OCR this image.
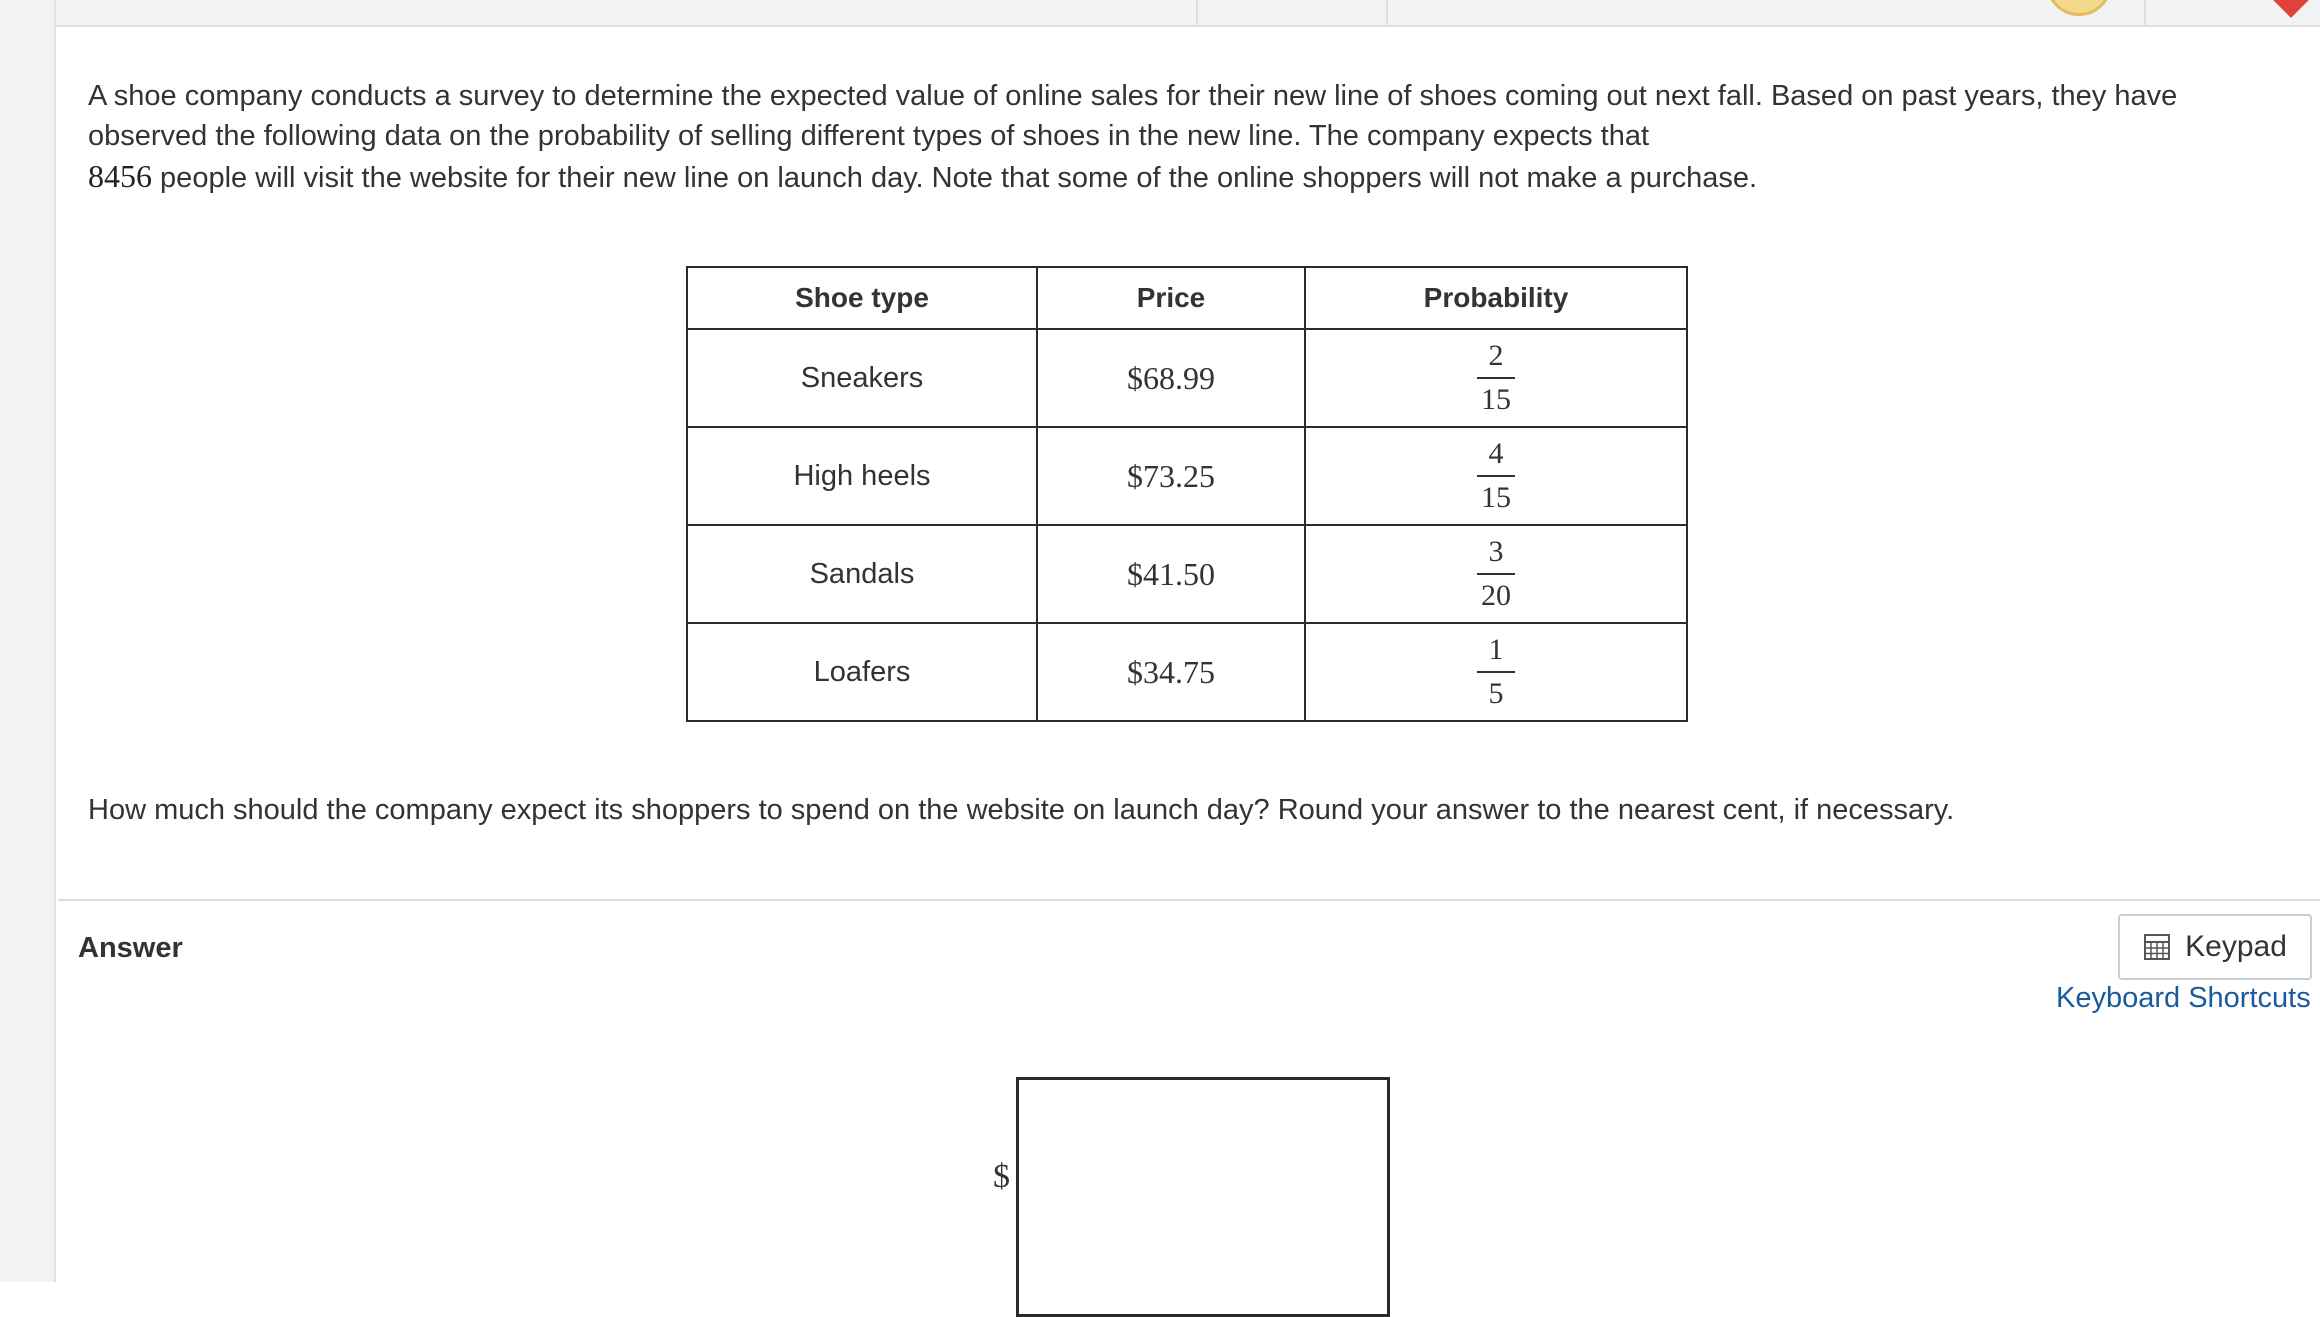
A shoe company conducts a survey to determine the expected value of online sales for their new line of shoes coming out next fall. Based on past years, they have observed the following data on the probability of selling different types of shoes in the new line. The company expects that
8456 people will visit the website for their new line on launch day. Note that some of the online shoppers will not make a purchase.
Shoe type	Price	Probability
Sneakers	$68.99	$\frac{2}{15}$

High heels	$73.25	$\frac{4}{15}$

Sandals	$41.50	$\frac{3}{20}$

Loafers	$34.75	$\frac{1}{5}$
How much should the company expect its shoppers to spend on the website on launch day? Round your answer to the nearest cent, if necessary.
Answer	Keypad
Keyboard Shortcuts
$
